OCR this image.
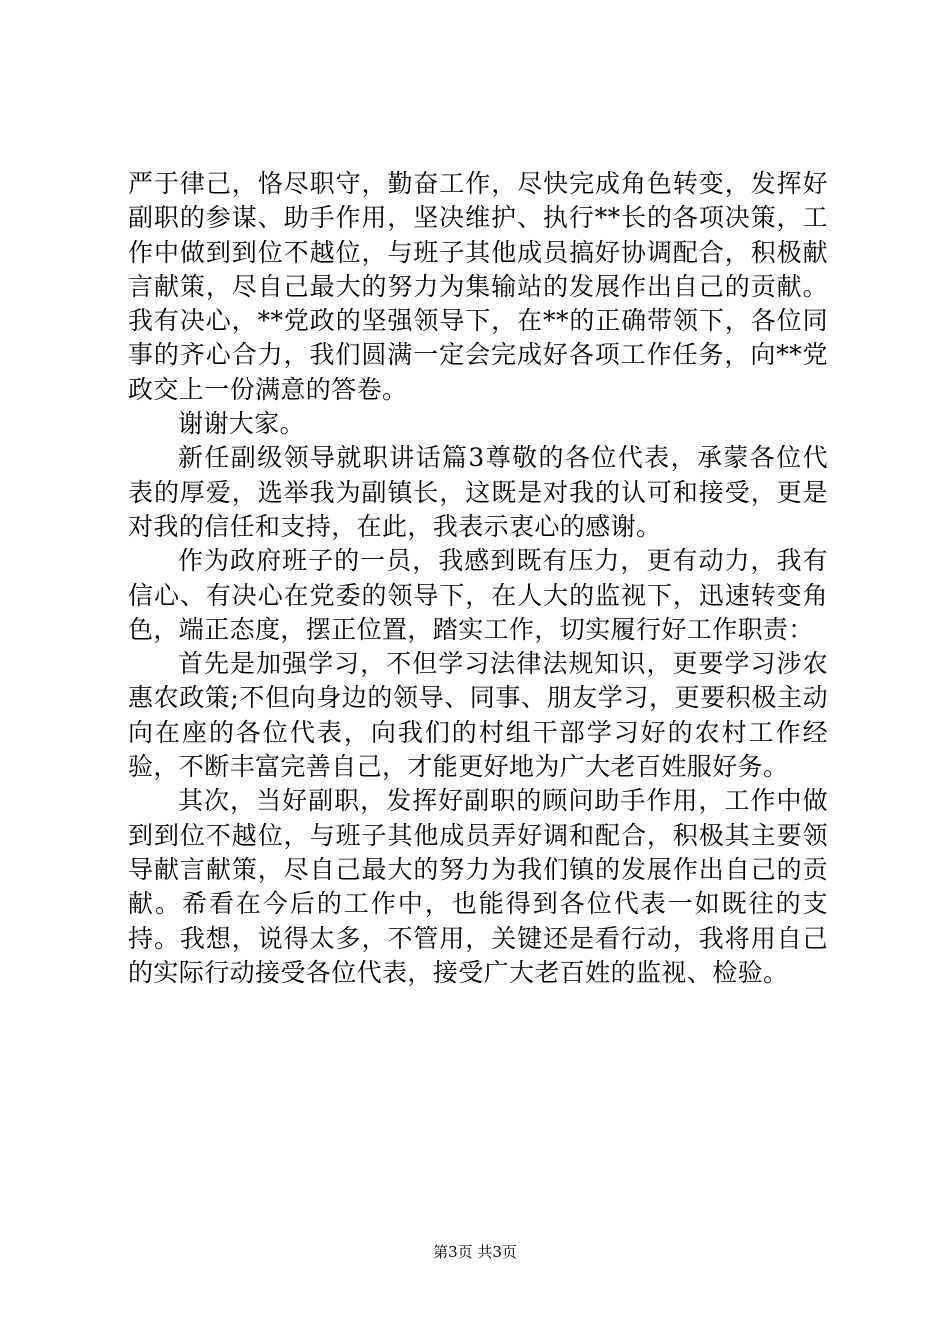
严于律己，恪尽职守，勤奋工作，尽快完成角色转变，发挥好副职的参谋、助手作用，坚决维护、执行**长的各项决策，工作中做到到位不越位，与班子其他成员搞好协调配合，积极献言献策，尽自己最大的努力为集输站的发展作出自己的贡献。我有决心，**党政的坚强领导下，在**的正确带领下，各位同事的齐心合力，我们圆满一定会完成好各项工作任务，向**党政交上一份满意的答卷。

谢谢大家。

新任副级领导就职讲话篇3尊敬的各位代表，承蒙各位代表的厚爱，选举我为副镇长，这既是对我的认可和接受，更是对我的信任和支持，在此，我表示衷心的感谢。

作为政府班子的一员，我感到既有压力，更有动力，我有信心、有决心在党委的领导下，在人大的监视下，迅速转变角色，端正态度，摆正位置，踏实工作，切实履行好工作职责：

首先是加强学习，不但学习法律法规知识，更要学习涉农惠农政策;不但向身边的领导、同事、朋友学习，更要积极主动向在座的各位代表，向我们的村组干部学习好的农村工作经验，不断丰富完善自己，才能更好地为广大老百姓服好务。

其次，当好副职，发挥好副职的顾问助手作用，工作中做到到位不越位，与班子其他成员弄好调和配合，积极其主要领导献言献策，尽自己最大的努力为我们镇的发展作出自己的贡献。希看在今后的工作中，也能得到各位代表一如既往的支持。我想，说得太多，不管用，关键还是看行动，我将用自己的实际行动接受各位代表，接受广大老百姓的监视、检验。

第3页 共3页
